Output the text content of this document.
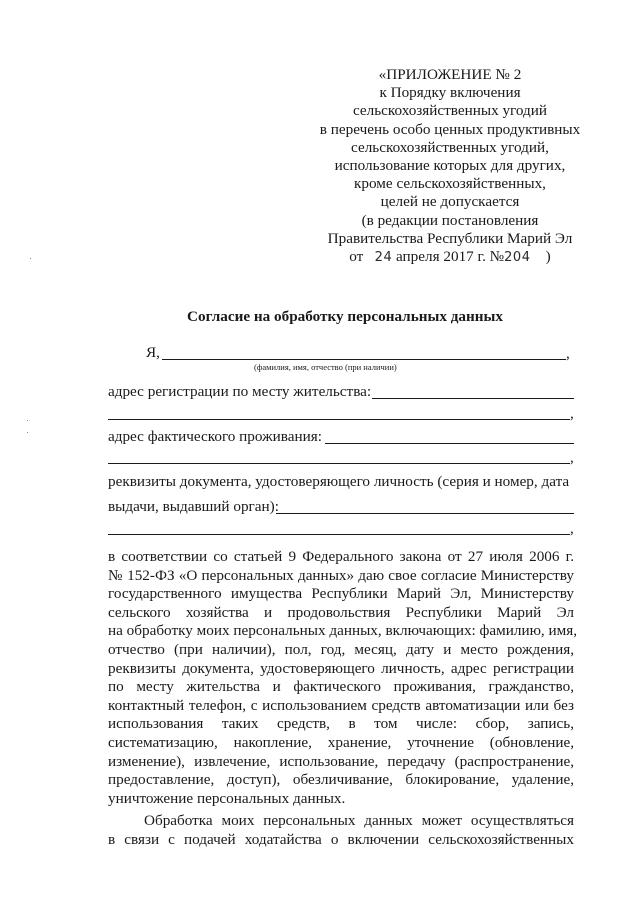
«ПРИЛОЖЕНИЕ № 2
к Порядку включения
сельскохозяйственных угодий
в перечень особо ценных продуктивных
сельскохозяйственных угодий,
использование которых для других,
кроме сельскохозяйственных,
целей не допускается
(в редакции постановления
Правительства Республики Марий Эл
от 24 апреля 2017 г. №204 )
Согласие на обработку персональных данных
Я,	,
(фамилия, имя, отчество (при наличии)
адрес регистрации по месту жительства:
,
адрес фактического проживания:
,
реквизиты документа, удостоверяющего личность (серия и номер, дата
выдачи, выдавший орган):
,
в соответствии со статьей 9 Федерального закона от 27 июля 2006 г.
№ 152-ФЗ «О персональных данных» даю свое согласие Министерству
государственного имущества Республики Марий Эл, Министерству
сельского хозяйства и продовольствия Республики Марий Эл
на обработку моих персональных данных, включающих: фамилию, имя,
отчество (при наличии), пол, год, месяц, дату и место рождения,
реквизиты документа, удостоверяющего личность, адрес регистрации
по месту жительства и фактического проживания, гражданство,
контактный телефон, с использованием средств автоматизации или без
использования таких средств, в том числе: сбор, запись,
систематизацию, накопление, хранение, уточнение (обновление,
изменение), извлечение, использование, передачу (распространение,
предоставление, доступ), обезличивание, блокирование, удаление,
уничтожение персональных данных.
Обработка моих персональных данных может осуществляться
в связи с подачей ходатайства о включении сельскохозяйственных
